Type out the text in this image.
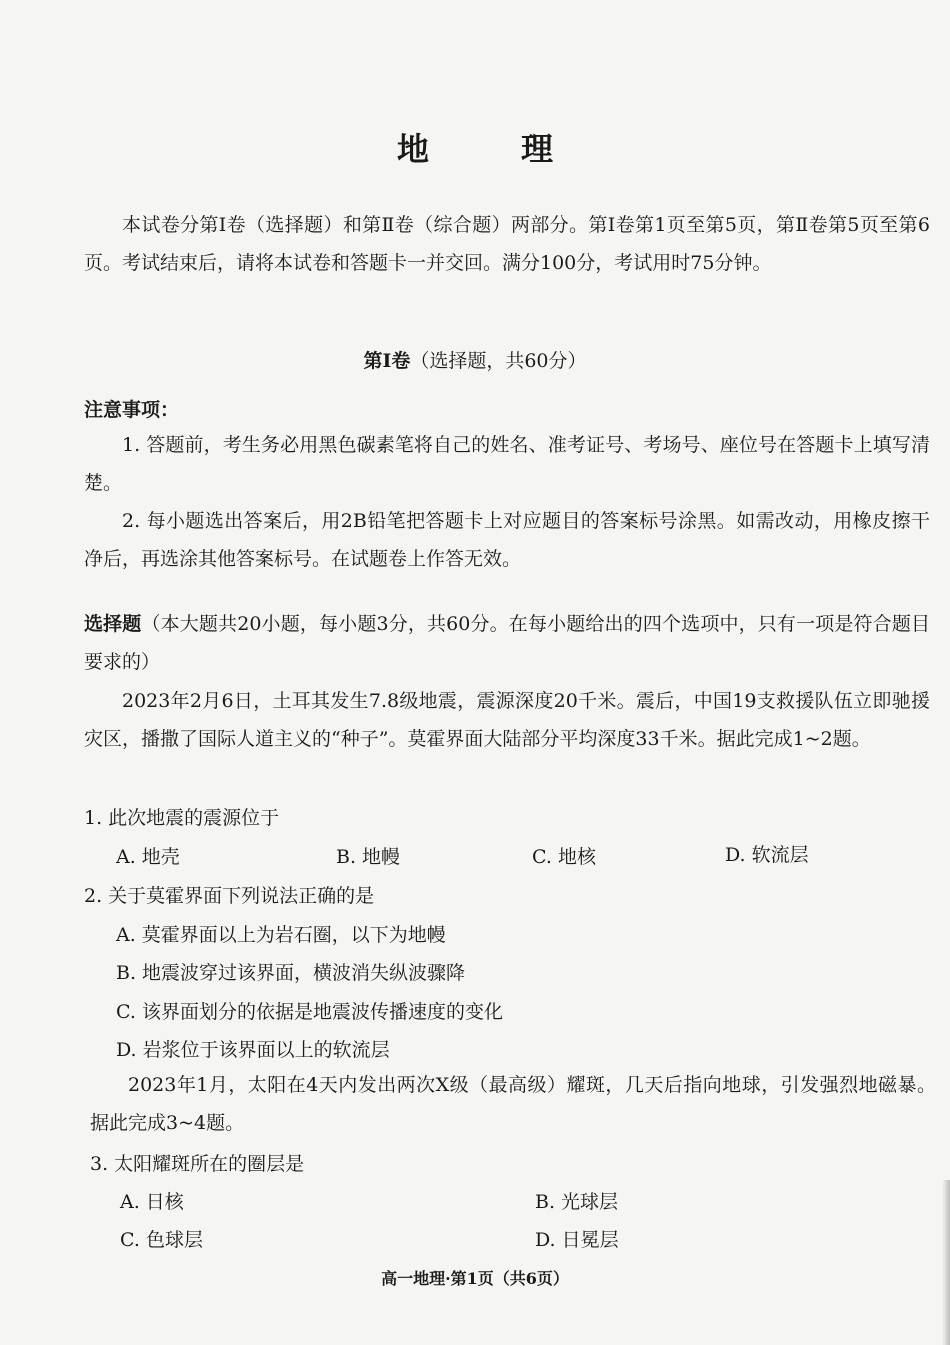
地　理
本试卷分第Ⅰ卷（选择题）和第Ⅱ卷（综合题）两部分。第Ⅰ卷第1页至第5页，第Ⅱ卷第5页至第6页。考试结束后，请将本试卷和答题卡一并交回。满分100分，考试用时75分钟。
第Ⅰ卷（选择题，共60分）
注意事项：
1. 答题前，考生务必用黑色碳素笔将自己的姓名、准考证号、考场号、座位号在答题卡上填写清楚。
2. 每小题选出答案后，用2B铅笔把答题卡上对应题目的答案标号涂黑。如需改动，用橡皮擦干净后，再选涂其他答案标号。在试题卷上作答无效。
选择题（本大题共20小题，每小题3分，共60分。在每小题给出的四个选项中，只有一项是符合题目要求的）
2023年2月6日，土耳其发生7.8级地震，震源深度20千米。震后，中国19支救援队伍立即驰援灾区，播撒了国际人道主义的“种子”。莫霍界面大陆部分平均深度33千米。据此完成1~2题。
1. 此次地震的震源位于
A. 地壳	B. 地幔	C. 地核	D. 软流层
2. 关于莫霍界面下列说法正确的是
A. 莫霍界面以上为岩石圈，以下为地幔
B. 地震波穿过该界面，横波消失纵波骤降
C. 该界面划分的依据是地震波传播速度的变化
D. 岩浆位于该界面以上的软流层
2023年1月，太阳在4天内发出两次X级（最高级）耀斑，几天后指向地球，引发强烈地磁暴。据此完成3~4题。
3. 太阳耀斑所在的圈层是
A. 日核	B. 光球层
C. 色球层	D. 日冕层
高一地理·第1页（共6页）
